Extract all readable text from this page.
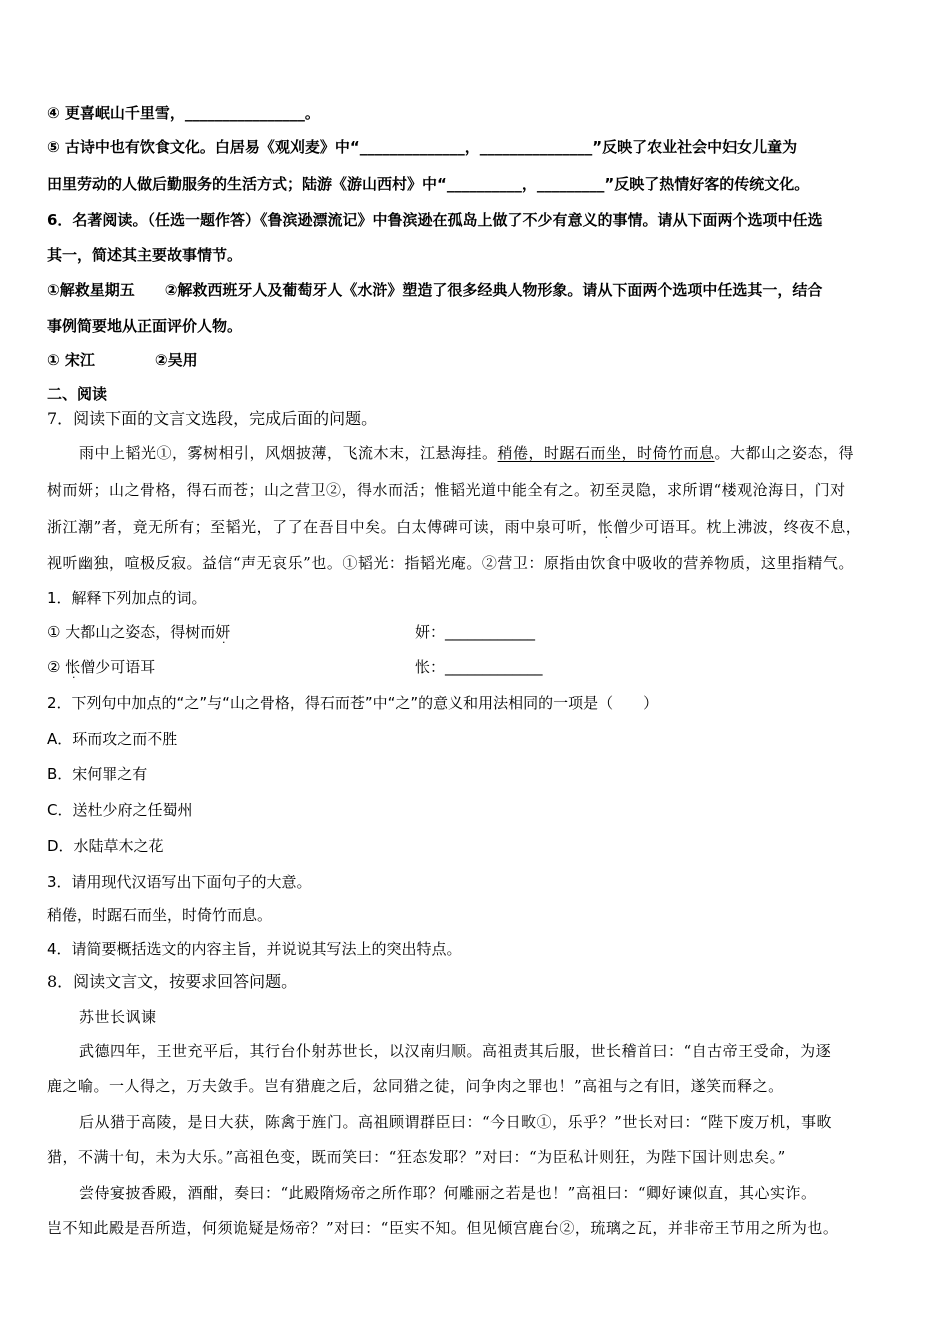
④ 更喜岷山千里雪，________________。
⑤ 古诗中也有饮食文化。白居易《观刈麦》中“______________，_______________”反映了农业社会中妇女儿童为
田里劳动的人做后勤服务的生活方式；陆游《游山西村》中“__________，_________”反映了热情好客的传统文化。
6．名著阅读。（任选一题作答）《鲁滨逊漂流记》中鲁滨逊在孤岛上做了不少有意义的事情。请从下面两个选项中任选
其一，简述其主要故事情节。
①解救星期五　　②解救西班牙人及葡萄牙人《水浒》塑造了很多经典人物形象。请从下面两个选项中任选其一，结合
事例简要地从正面评价人物。
① 宋江　　　　②吴用
二、阅读
7．阅读下面的文言文选段，完成后面的问题。
雨中上韬光①，雾树相引，风烟披薄，飞流木末，江悬海挂。稍倦，时踞石而坐，时倚竹而息。大都山之姿态，得
树而妍；山之骨格，得石而苍；山之营卫②，得水而活；惟韬光道中能全有之。初至灵隐，求所谓“楼观沧海日，门对
浙江潮”者，竟无所有；至韬光，了了在吾目中矣。白太傅碑可读，雨中泉可听，怅僧少可语耳。枕上沸波，终夜不息，
视听幽独，喧极反寂。益信“声无哀乐”也。①韬光：指韬光庵。②营卫：原指由饮食中吸收的营养物质，这里指精气。
1．解释下列加点的词。
① 大都山之姿态，得树而妍	妍：____________
② 怅僧少可语耳	怅：_____________
2．下列句中加点的“之”与“山之骨格，得石而苍”中“之”的意义和用法相同的一项是（　　）
A．环而攻之而不胜
B．宋何罪之有
C．送杜少府之任蜀州
D．水陆草木之花
3．请用现代汉语写出下面句子的大意。
稍倦，时踞石而坐，时倚竹而息。
4．请简要概括选文的内容主旨，并说说其写法上的突出特点。
8．阅读文言文，按要求回答问题。
苏世长讽谏
武德四年，王世充平后，其行台仆射苏世长，以汉南归顺。高祖责其后服，世长稽首曰：“自古帝王受命，为逐
鹿之喻。一人得之，万夫敛手。岂有猎鹿之后，忿同猎之徒，问争肉之罪也！”高祖与之有旧，遂笑而释之。
后从猎于高陵，是日大获，陈禽于旌门。高祖顾谓群臣曰：“今日畋①，乐乎？”世长对曰：“陛下废万机，事畋
猎，不满十旬，未为大乐。”高祖色变，既而笑曰：“狂态发耶？”对曰：“为臣私计则狂，为陛下国计则忠矣。”
尝侍宴披香殿，酒酣，奏曰：“此殿隋炀帝之所作耶？何雕丽之若是也！”高祖曰：“卿好谏似直，其心实诈。
岂不知此殿是吾所造，何须诡疑是炀帝？”对曰：“臣实不知。但见倾宫鹿台②，琉璃之瓦，并非帝王节用之所为也。
